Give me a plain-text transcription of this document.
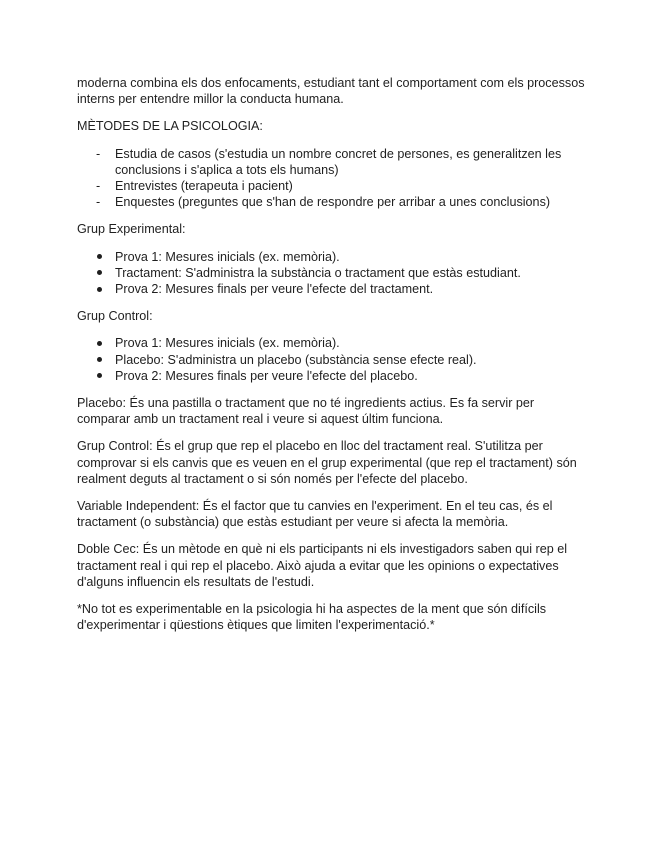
moderna combina els dos enfocaments, estudiant tant el comportament com els processos interns per entendre millor la conducta humana.

MÈTODES DE LA PSICOLOGIA:

- Estudia de casos (s'estudia un nombre concret de persones, es generalitzen les conclusions i s'aplica a tots els humans)
- Entrevistes (terapeuta i pacient)
- Enquestes (preguntes que s'han de respondre per arribar a unes conclusions)

Grup Experimental:

Prova 1: Mesures inicials (ex. memòria).
Tractament: S'administra la substància o tractament que estàs estudiant.
Prova 2: Mesures finals per veure l'efecte del tractament.

Grup Control:

Prova 1: Mesures inicials (ex. memòria).
Placebo: S'administra un placebo (substància sense efecte real).
Prova 2: Mesures finals per veure l'efecte del placebo.

Placebo: És una pastilla o tractament que no té ingredients actius. Es fa servir per comparar amb un tractament real i veure si aquest últim funciona.

Grup Control: És el grup que rep el placebo en lloc del tractament real. S'utilitza per comprovar si els canvis que es veuen en el grup experimental (que rep el tractament) són realment deguts al tractament o si són només per l'efecte del placebo.

Variable Independent: És el factor que tu canvies en l'experiment. En el teu cas, és el tractament (o substància) que estàs estudiant per veure si afecta la memòria.

Doble Cec: És un mètode en què ni els participants ni els investigadors saben qui rep el tractament real i qui rep el placebo. Això ajuda a evitar que les opinions o expectatives d'alguns influencin els resultats de l'estudi.

*No tot es experimentable en la psicologia hi ha aspectes de la ment que són difícils d'experimentar i qüestions ètiques que limiten l'experimentació.*
